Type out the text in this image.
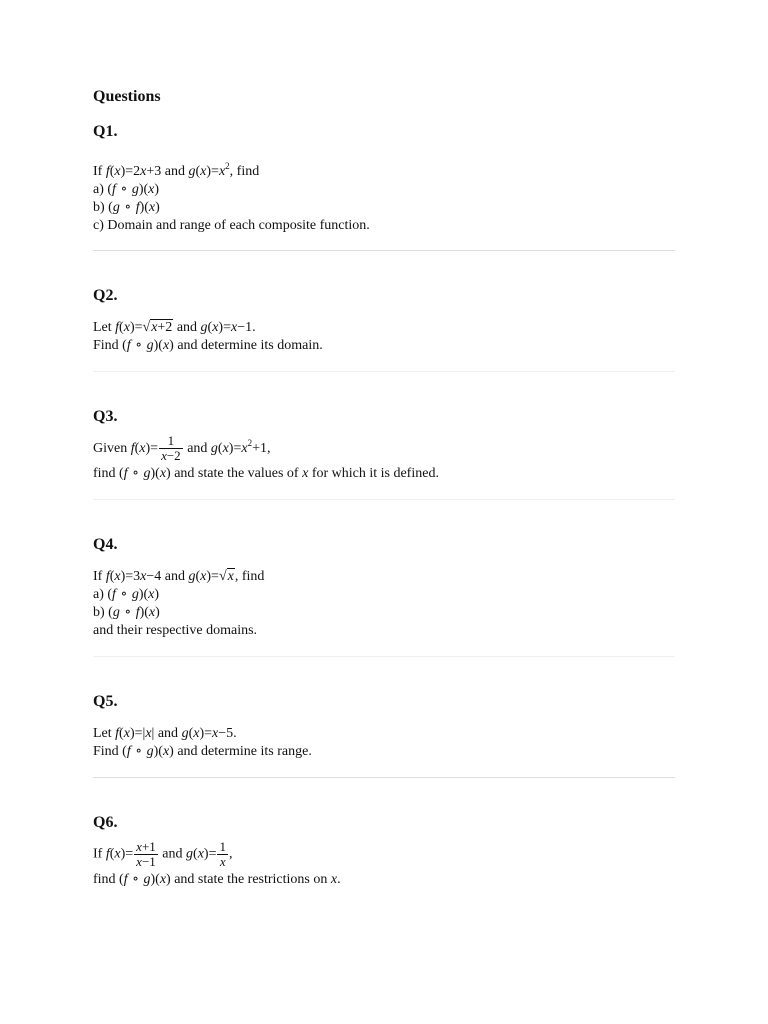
Questions
Q1.
If f(x)=2x+3 and $g(x)=x^2$, find
a) (f ∘ g)(x)
b) (g ∘ f)(x)
c) Domain and range of each composite function.
Q2.
Let f(x)=√x+2 and g(x)=x−1.
Find (f ∘ g)(x) and determine its domain.
Q3.
Given $f(x)= \frac{1}{x-2}$ and $g(x)=x^2+1$,
find (f ∘ g)(x) and state the values of x for which it is defined.
Q4.
If f(x)=3x−4 and g(x)=√x, find
a) (f ∘ g)(x)
b) (g ∘ f)(x)
and their respective domains.
Q5.
Let f(x)=|x| and g(x)=x−5.
Find (f ∘ g)(x) and determine its range.
Q6.
If $f(x)= \frac{x+1}{x-1}$ and $g(x)= \frac{1}{x}$ ,
find (f ∘ g)(x) and state the restrictions on x.
